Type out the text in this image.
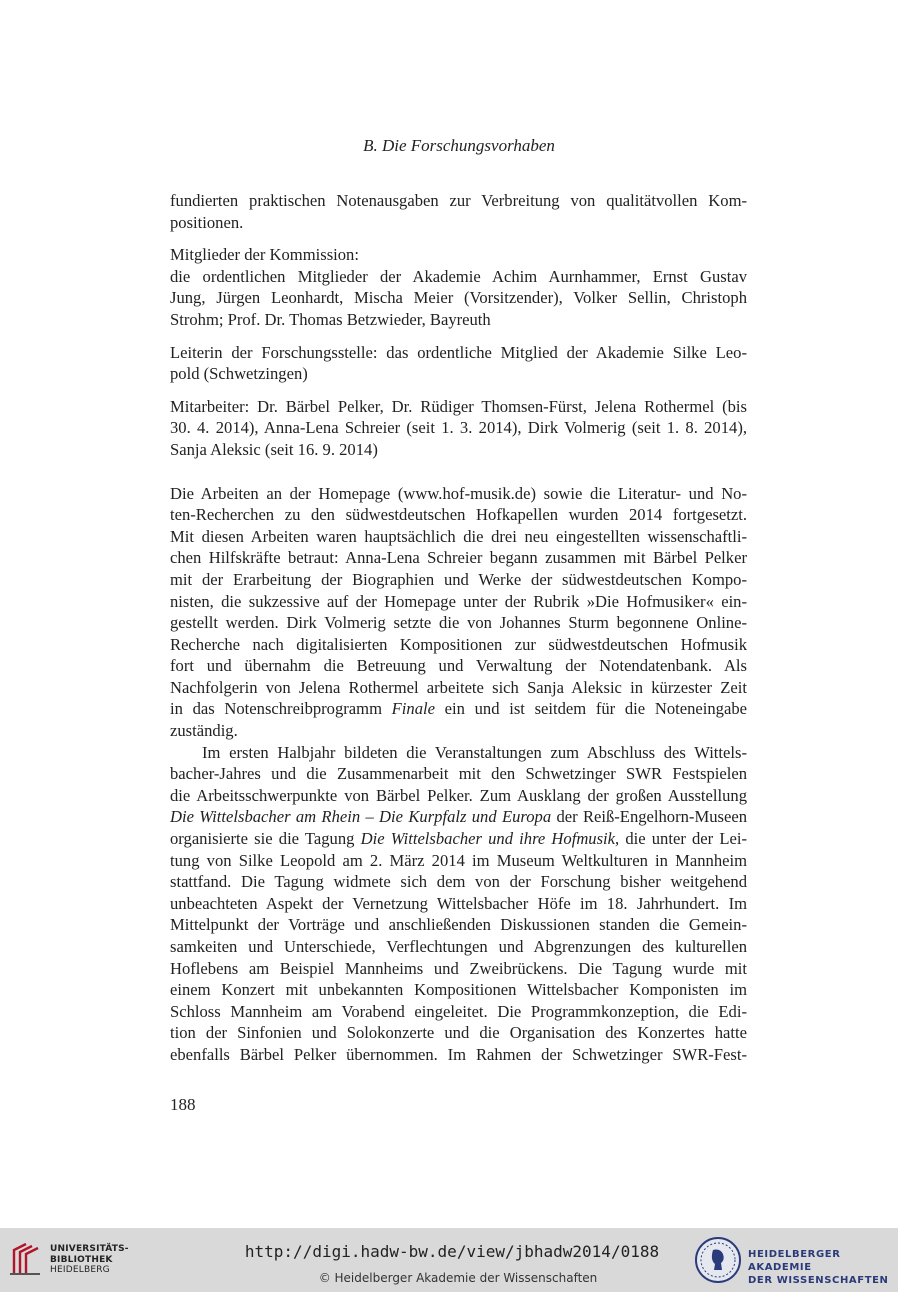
B. Die Forschungsvorhaben

fundierten praktischen Notenausgaben zur Verbreitung von qualitätvollen Kom-
positionen.

Mitglieder der Kommission:
die ordentlichen Mitglieder der Akademie Achim Aurnhammer, Ernst Gustav
Jung, Jürgen Leonhardt, Mischa Meier (Vorsitzender), Volker Sellin, Christoph
Strohm; Prof. Dr. Thomas Betzwieder, Bayreuth

Leiterin der Forschungsstelle: das ordentliche Mitglied der Akademie Silke Leo-
pold (Schwetzingen)

Mitarbeiter: Dr. Bärbel Pelker, Dr. Rüdiger Thomsen-Fürst, Jelena Rothermel (bis
30. 4. 2014), Anna-Lena Schreier (seit 1. 3. 2014), Dirk Volmerig (seit 1. 8. 2014),
Sanja Aleksic (seit 16. 9. 2014)

Die Arbeiten an der Homepage (www.hof-musik.de) sowie die Literatur- und No-
ten-Recherchen zu den südwestdeutschen Hofkapellen wurden 2014 fortgesetzt.
Mit diesen Arbeiten waren hauptsächlich die drei neu eingestellten wissenschaftli-
chen Hilfskräfte betraut: Anna-Lena Schreier begann zusammen mit Bärbel Pelker
mit der Erarbeitung der Biographien und Werke der südwestdeutschen Kompo-
nisten, die sukzessive auf der Homepage unter der Rubrik »Die Hofmusiker« ein-
gestellt werden. Dirk Volmerig setzte die von Johannes Sturm begonnene Online-
Recherche nach digitalisierten Kompositionen zur südwestdeutschen Hofmusik
fort und übernahm die Betreuung und Verwaltung der Notendatenbank. Als
Nachfolgerin von Jelena Rothermel arbeitete sich Sanja Aleksic in kürzester Zeit
in das Notenschreibprogramm Finale ein und ist seitdem für die Noteneingabe
zuständig.

Im ersten Halbjahr bildeten die Veranstaltungen zum Abschluss des Wittels-
bacher-Jahres und die Zusammenarbeit mit den Schwetzinger SWR Festspielen
die Arbeitsschwerpunkte von Bärbel Pelker. Zum Ausklang der großen Ausstellung
Die Wittelsbacher am Rhein – Die Kurpfalz und Europa der Reiß-Engelhorn-Museen
organisierte sie die Tagung Die Wittelsbacher und ihre Hofmusik, die unter der Lei-
tung von Silke Leopold am 2. März 2014 im Museum Weltkulturen in Mannheim
stattfand. Die Tagung widmete sich dem von der Forschung bisher weitgehend
unbeachteten Aspekt der Vernetzung Wittelsbacher Höfe im 18. Jahrhundert. Im
Mittelpunkt der Vorträge und anschließenden Diskussionen standen die Gemein-
samkeiten und Unterschiede, Verflechtungen und Abgrenzungen des kulturellen
Hoflebens am Beispiel Mannheims und Zweibrückens. Die Tagung wurde mit
einem Konzert mit unbekannten Kompositionen Wittelsbacher Komponisten im
Schloss Mannheim am Vorabend eingeleitet. Die Programmkonzeption, die Edi-
tion der Sinfonien und Solokonzerte und die Organisation des Konzertes hatte
ebenfalls Bärbel Pelker übernommen. Im Rahmen der Schwetzinger SWR-Fest-

188
UNIVERSITÄTS-
BIBLIOTHEK
HEIDELBERG
http://digi.hadw-bw.de/view/jbhadw2014/0188
© Heidelberger Akademie der Wissenschaften
HEIDELBERGER AKADEMIE
DER WISSENSCHAFTEN
